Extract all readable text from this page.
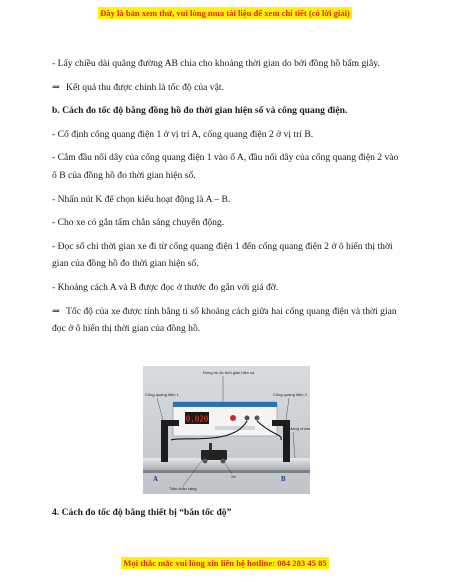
Đây là bản xem thử, vui lòng mua tài liệu để xem chi tiết (có lời giải)

- Lấy chiều dài quãng đường AB chia cho khoảng thời gian do bởi đồng hồ bấm giây.

⇒ Kết quả thu được chính là tốc độ của vật.

b. Cách đo tốc độ bằng đồng hồ đo thời gian hiện số và cổng quang điện.

- Cố định cổng quang điện 1 ở vị trí A, cổng quang điện 2 ở vị trí B.

- Cắm đầu nối dây của cổng quang điện 1 vào ổ A, đầu nối dây của cổng quang điện 2 vào ổ B của đồng hồ đo thời gian hiện số.

- Nhấn nút K để chọn kiểu hoạt động là A – B.

- Cho xe có gắn tấm chắn sáng chuyển động.

- Đọc số chỉ thời gian xe đi từ cổng quang điện 1 đến cổng quang điện 2 ở ô hiển thị thời gian của đồng hồ đo thời gian hiện số.

- Khoảng cách A và B được đọc ở thước đo gắn với giá đỡ.

⇒ Tốc độ của xe được tính bằng tỉ số khoảng cách giữa hai cổng quang điện và thời gian đọc ở ô hiển thị thời gian của đồng hồ.

0.020
Đồng hồ đo thời gian hiện số
Cổng quang điện 1	Cổng quang điện 2
Máng nhôm
Tấm chắn sáng
Xe
A	B
4. Cách đo tốc độ bằng thiết bị “bắn tốc độ”
Mọi thắc mắc vui lòng xin liên hệ hotline: 084 283 45 85
